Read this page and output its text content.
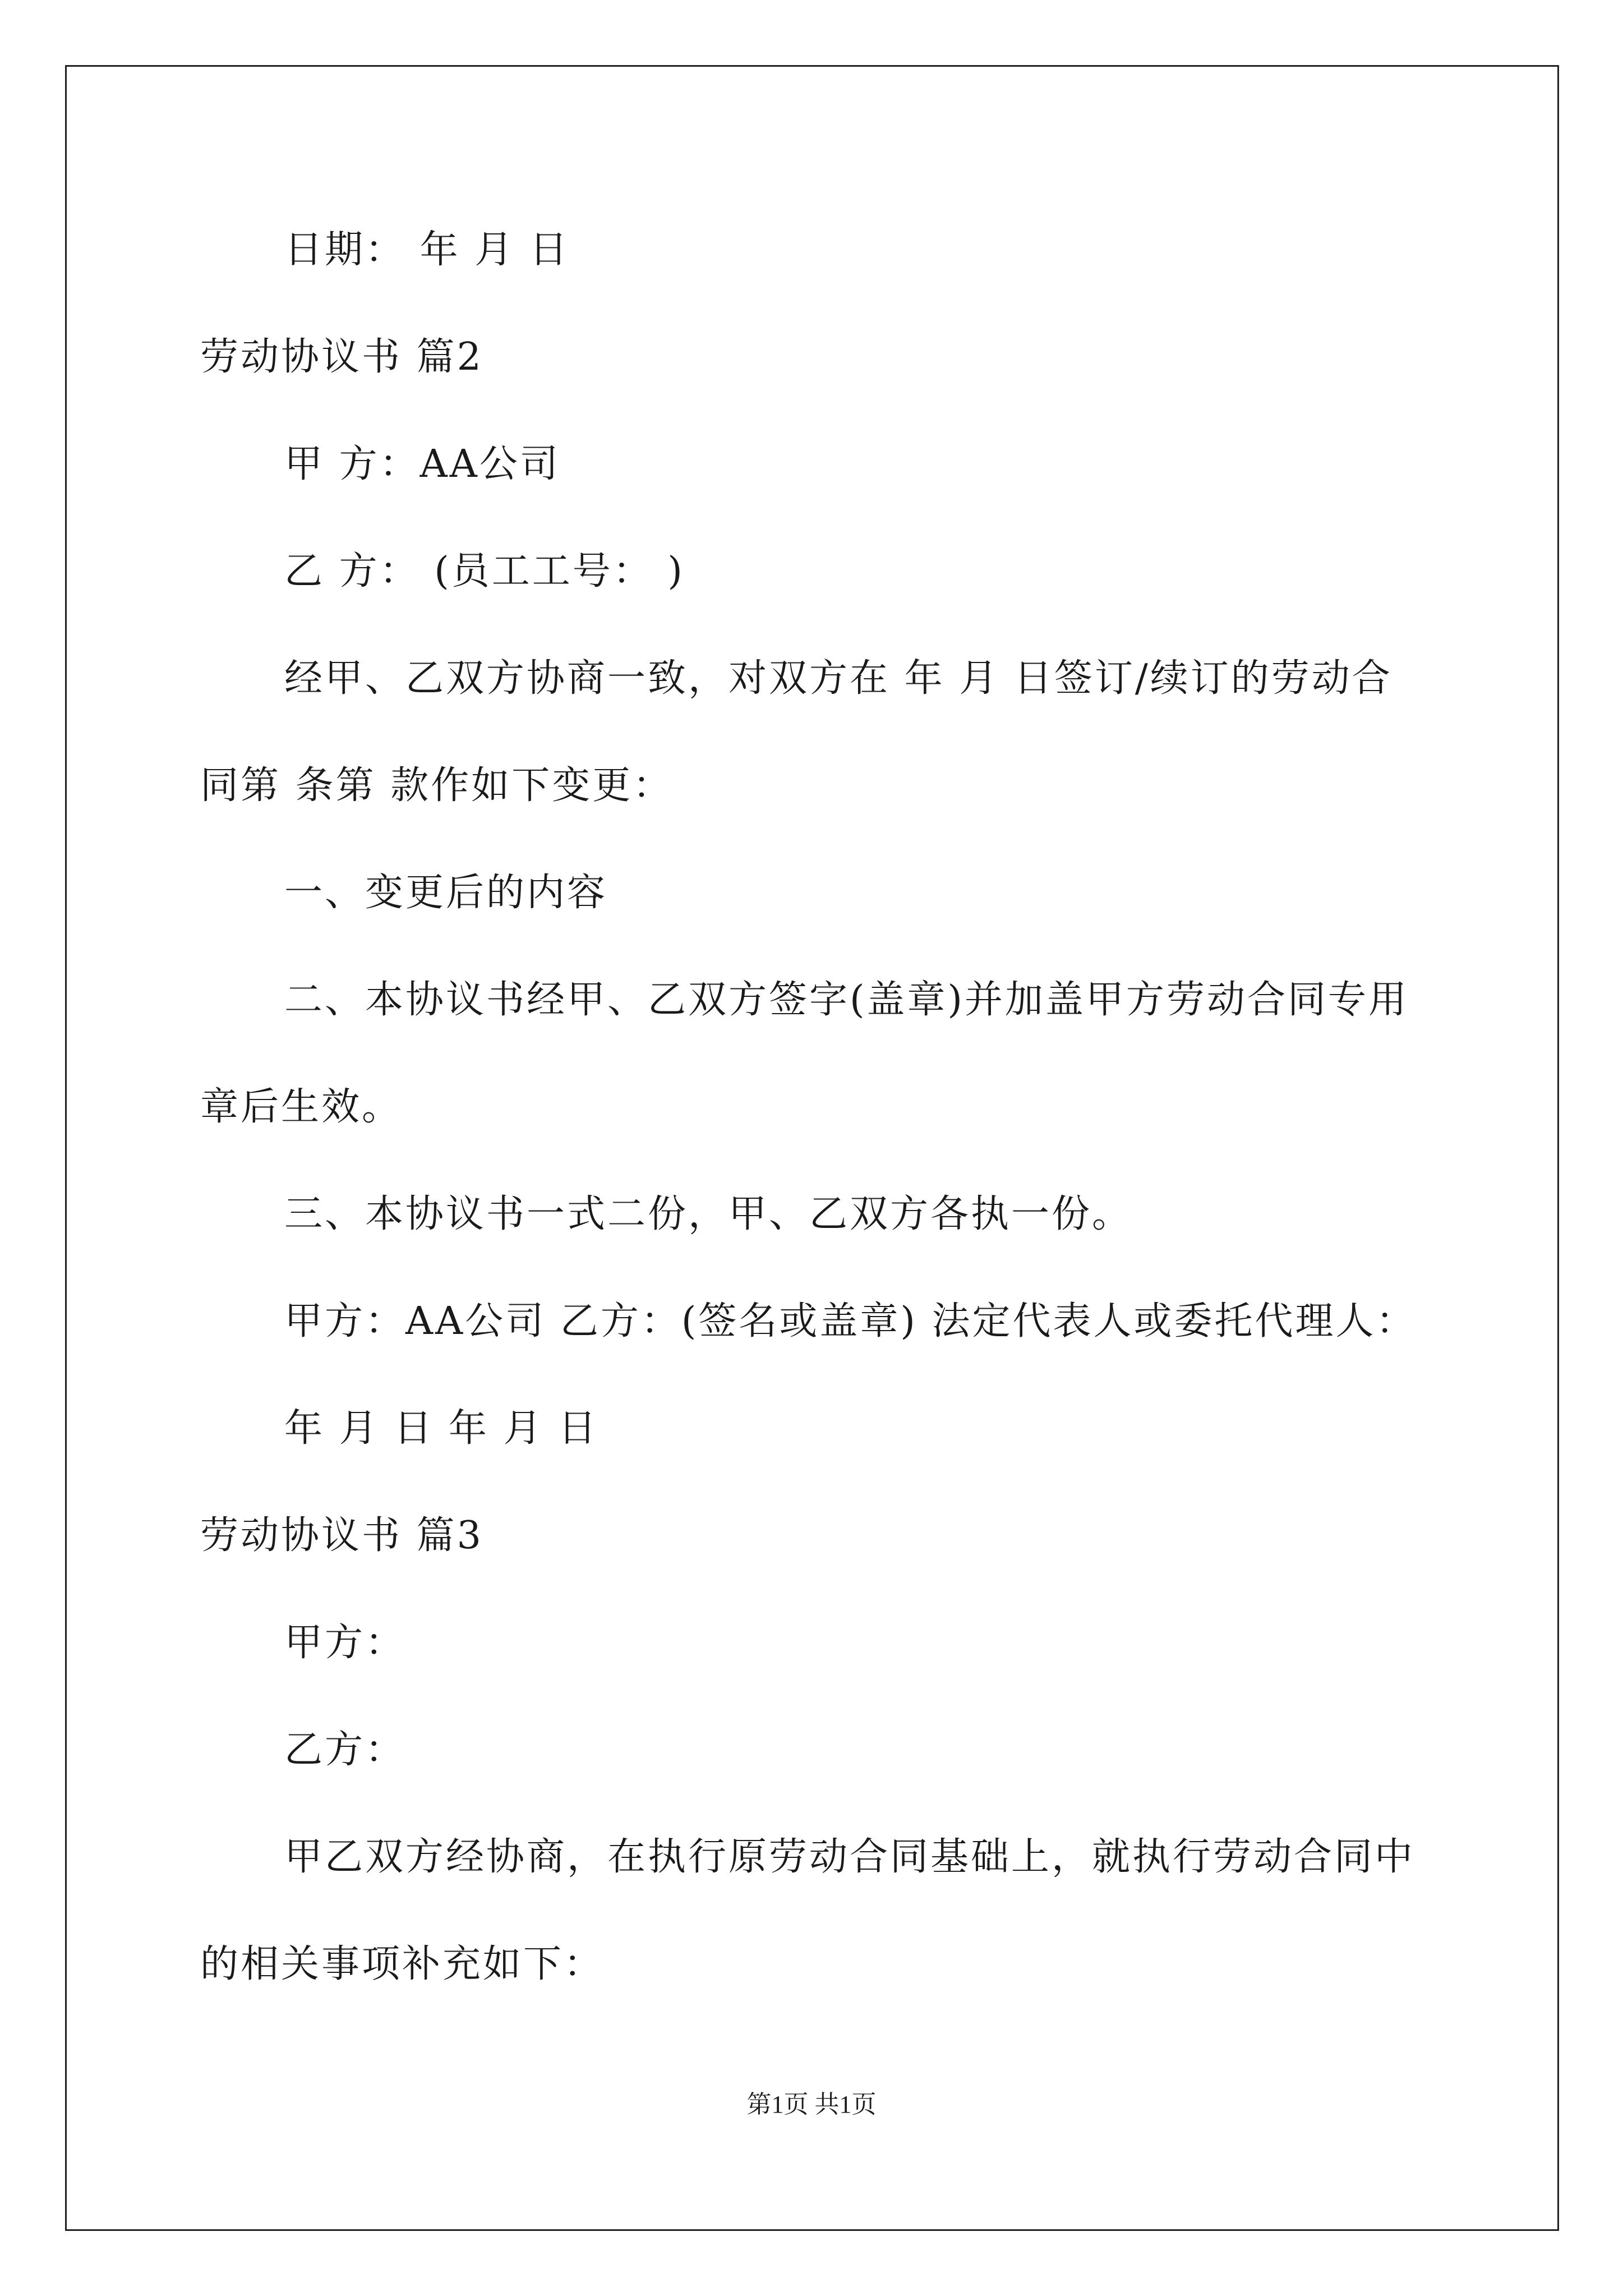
日期： 年 月 日
劳动协议书 篇2
甲 方：AA公司
乙 方： (员工工号： )
经甲、乙双方协商一致，对双方在 年 月 日签订/续订的劳动合
同第 条第 款作如下变更：
一、变更后的内容
二、本协议书经甲、乙双方签字(盖章)并加盖甲方劳动合同专用
章后生效。
三、本协议书一式二份，甲、乙双方各执一份。
甲方：AA公司 乙方：(签名或盖章) 法定代表人或委托代理人：
年 月 日 年 月 日
劳动协议书 篇3
甲方：
乙方：
甲乙双方经协商，在执行原劳动合同基础上，就执行劳动合同中
的相关事项补充如下：
第1页 共1页
